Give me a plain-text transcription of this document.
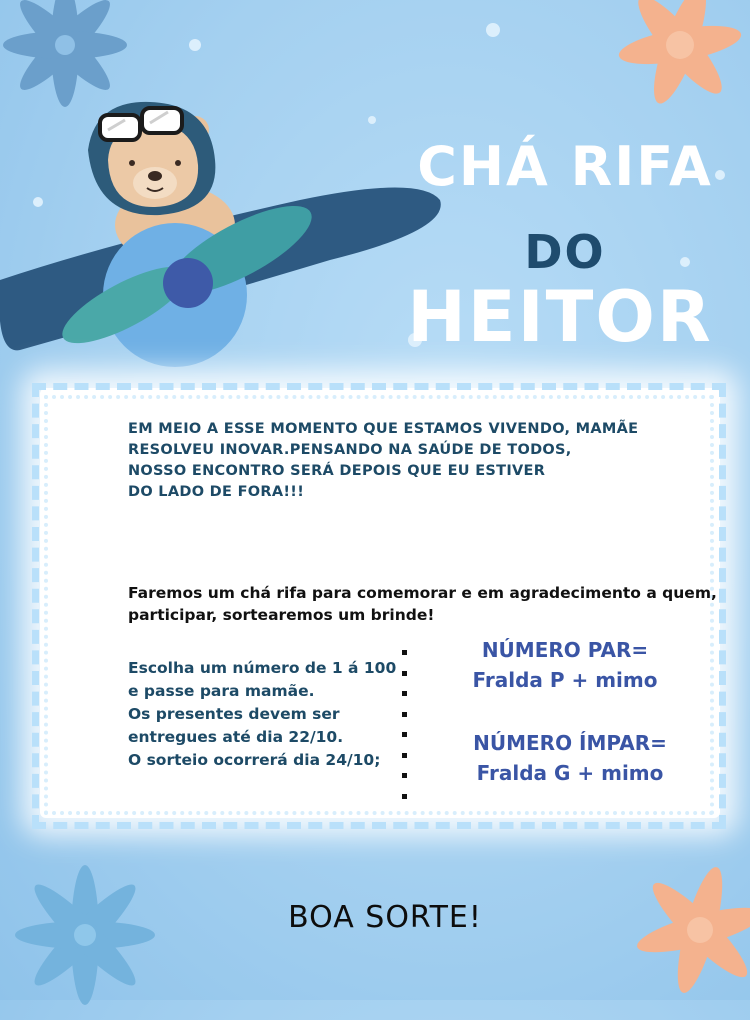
CHÁ RIFA
DO
HEITOR
EM MEIO A ESSE MOMENTO QUE ESTAMOS VIVENDO, MAMÃE
RESOLVEU INOVAR.PENSANDO NA SAÚDE DE TODOS,
NOSSO ENCONTRO SERÁ DEPOIS QUE EU ESTIVER
DO LADO DE FORA!!!
Faremos um chá rifa para comemorar e em agradecimento a quem,
participar, sortearemos um brinde!
Escolha um número de 1 á 100
e passe para mamãe.
Os presentes devem ser
entregues até dia 22/10.
O sorteio ocorrerá dia 24/10;
NÚMERO PAR=
Fralda P + mimo
NÚMERO ÍMPAR=
Fralda G + mimo
BOA SORTE!
